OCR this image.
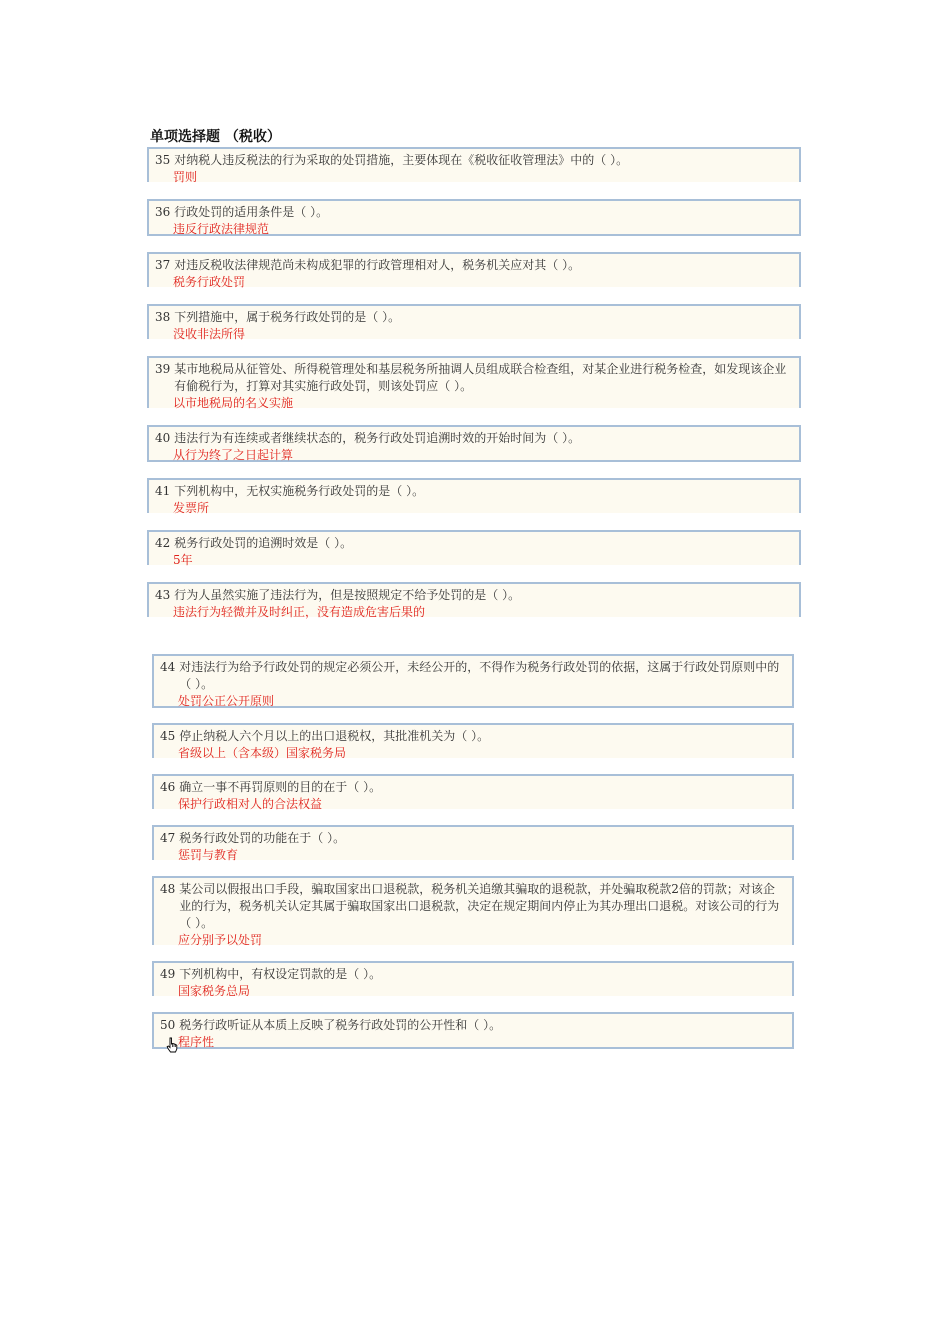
单项选择题 （税收）
35 对纳税人违反税法的行为采取的处罚措施，主要体现在《税收征收管理法》中的（ ）。
罚则
36 行政处罚的适用条件是（ ）。
违反行政法律规范
37 对违反税收法律规范尚未构成犯罪的行政管理相对人，税务机关应对其（ ）。
税务行政处罚
38 下列措施中，属于税务行政处罚的是（ ）。
没收非法所得
39 某市地税局从征管处、所得税管理处和基层税务所抽调人员组成联合检查组，对某企业进行税务检查，如发现该企业有偷税行为，打算对其实施行政处罚，则该处罚应（ ）。
以市地税局的名义实施
40 违法行为有连续或者继续状态的，税务行政处罚追溯时效的开始时间为（ ）。
从行为终了之日起计算
41 下列机构中，无权实施税务行政处罚的是（ ）。
发票所
42 税务行政处罚的追溯时效是（ ）。
5年
43 行为人虽然实施了违法行为，但是按照规定不给予处罚的是（ ）。
违法行为轻微并及时纠正，没有造成危害后果的
44 对违法行为给予行政处罚的规定必须公开，未经公开的，不得作为税务行政处罚的依据，这属于行政处罚原则中的（ ）。
处罚公正公开原则
45 停止纳税人六个月以上的出口退税权，其批准机关为（ ）。
省级以上（含本级）国家税务局
46 确立一事不再罚原则的目的在于（ ）。
保护行政相对人的合法权益
47 税务行政处罚的功能在于（ ）。
惩罚与教育
48 某公司以假报出口手段，骗取国家出口退税款，税务机关追缴其骗取的退税款，并处骗取税款2倍的罚款；对该企业的行为，税务机关认定其属于骗取国家出口退税款，决定在规定期间内停止为其办理出口退税。对该公司的行为（ ）。
应分别予以处罚
49 下列机构中，有权设定罚款的是（ ）。
国家税务总局
50 税务行政听证从本质上反映了税务行政处罚的公开性和（ ）。
程序性
